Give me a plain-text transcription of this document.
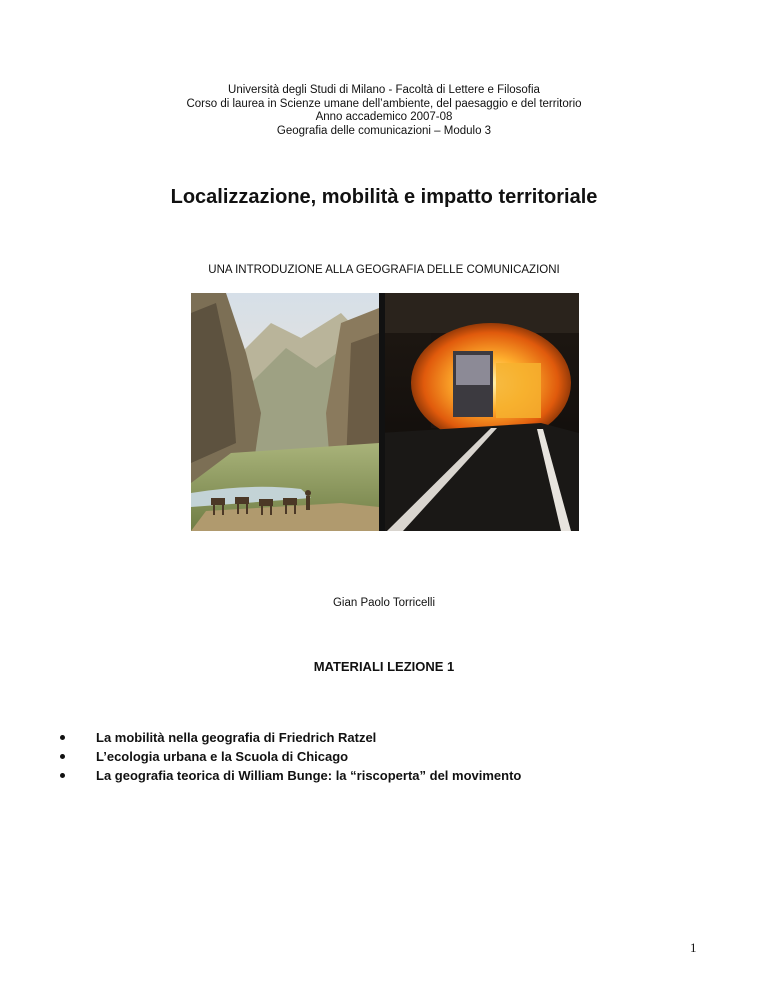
Università degli Studi di Milano - Facoltà di Lettere e Filosofia
Corso di laurea in Scienze umane dell’ambiente, del paesaggio e del territorio
Anno accademico 2007-08
Geografia delle comunicazioni – Modulo 3
Localizzazione, mobilità e impatto territoriale
UNA INTRODUZIONE ALLA GEOGRAFIA DELLE COMUNICAZIONI
Gian Paolo Torricelli
MATERIALI LEZIONE 1
La mobilità nella geografia di Friedrich Ratzel
L’ecologia urbana e la Scuola di Chicago
La geografia teorica di William Bunge: la “riscoperta” del movimento
1
